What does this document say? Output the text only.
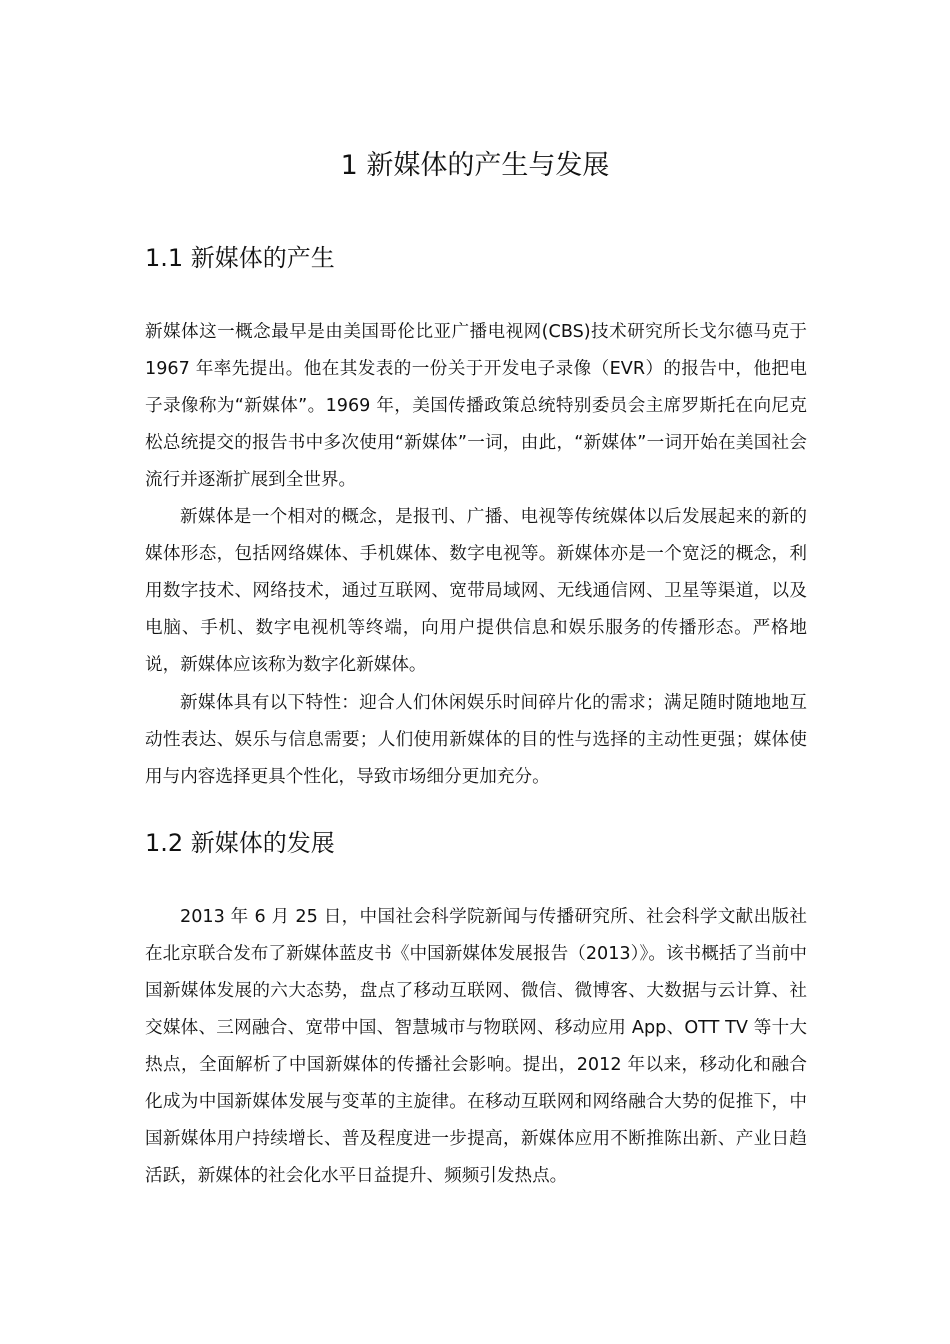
1 新媒体的产生与发展
1.1 新媒体的产生

新媒体这一概念最早是由美国哥伦比亚广播电视网(CBS)技术研究所长戈尔德马克于 1967 年率先提出。他在其发表的一份关于开发电子录像（EVR）的报告中，他把电子录像称为“新媒体”。1969 年，美国传播政策总统特别委员会主席罗斯托在向尼克松总统提交的报告书中多次使用“新媒体”一词，由此，“新媒体”一词开始在美国社会流行并逐渐扩展到全世界。

新媒体是一个相对的概念，是报刊、广播、电视等传统媒体以后发展起来的新的媒体形态，包括网络媒体、手机媒体、数字电视等。新媒体亦是一个宽泛的概念，利用数字技术、网络技术，通过互联网、宽带局域网、无线通信网、卫星等渠道，以及电脑、手机、数字电视机等终端，向用户提供信息和娱乐服务的传播形态。严格地说，新媒体应该称为数字化新媒体。

新媒体具有以下特性：迎合人们休闲娱乐时间碎片化的需求；满足随时随地地互动性表达、娱乐与信息需要；人们使用新媒体的目的性与选择的主动性更强；媒体使用与内容选择更具个性化，导致市场细分更加充分。

1.2 新媒体的发展

2013 年 6 月 25 日，中国社会科学院新闻与传播研究所、社会科学文献出版社在北京联合发布了新媒体蓝皮书《中国新媒体发展报告（2013）》。该书概括了当前中国新媒体发展的六大态势，盘点了移动互联网、微信、微博客、大数据与云计算、社交媒体、三网融合、宽带中国、智慧城市与物联网、移动应用 App、OTT TV 等十大热点，全面解析了中国新媒体的传播社会影响。提出，2012 年以来，移动化和融合化成为中国新媒体发展与变革的主旋律。在移动互联网和网络融合大势的促推下，中国新媒体用户持续增长、普及程度进一步提高，新媒体应用不断推陈出新、产业日趋活跃，新媒体的社会化水平日益提升、频频引发热点。
